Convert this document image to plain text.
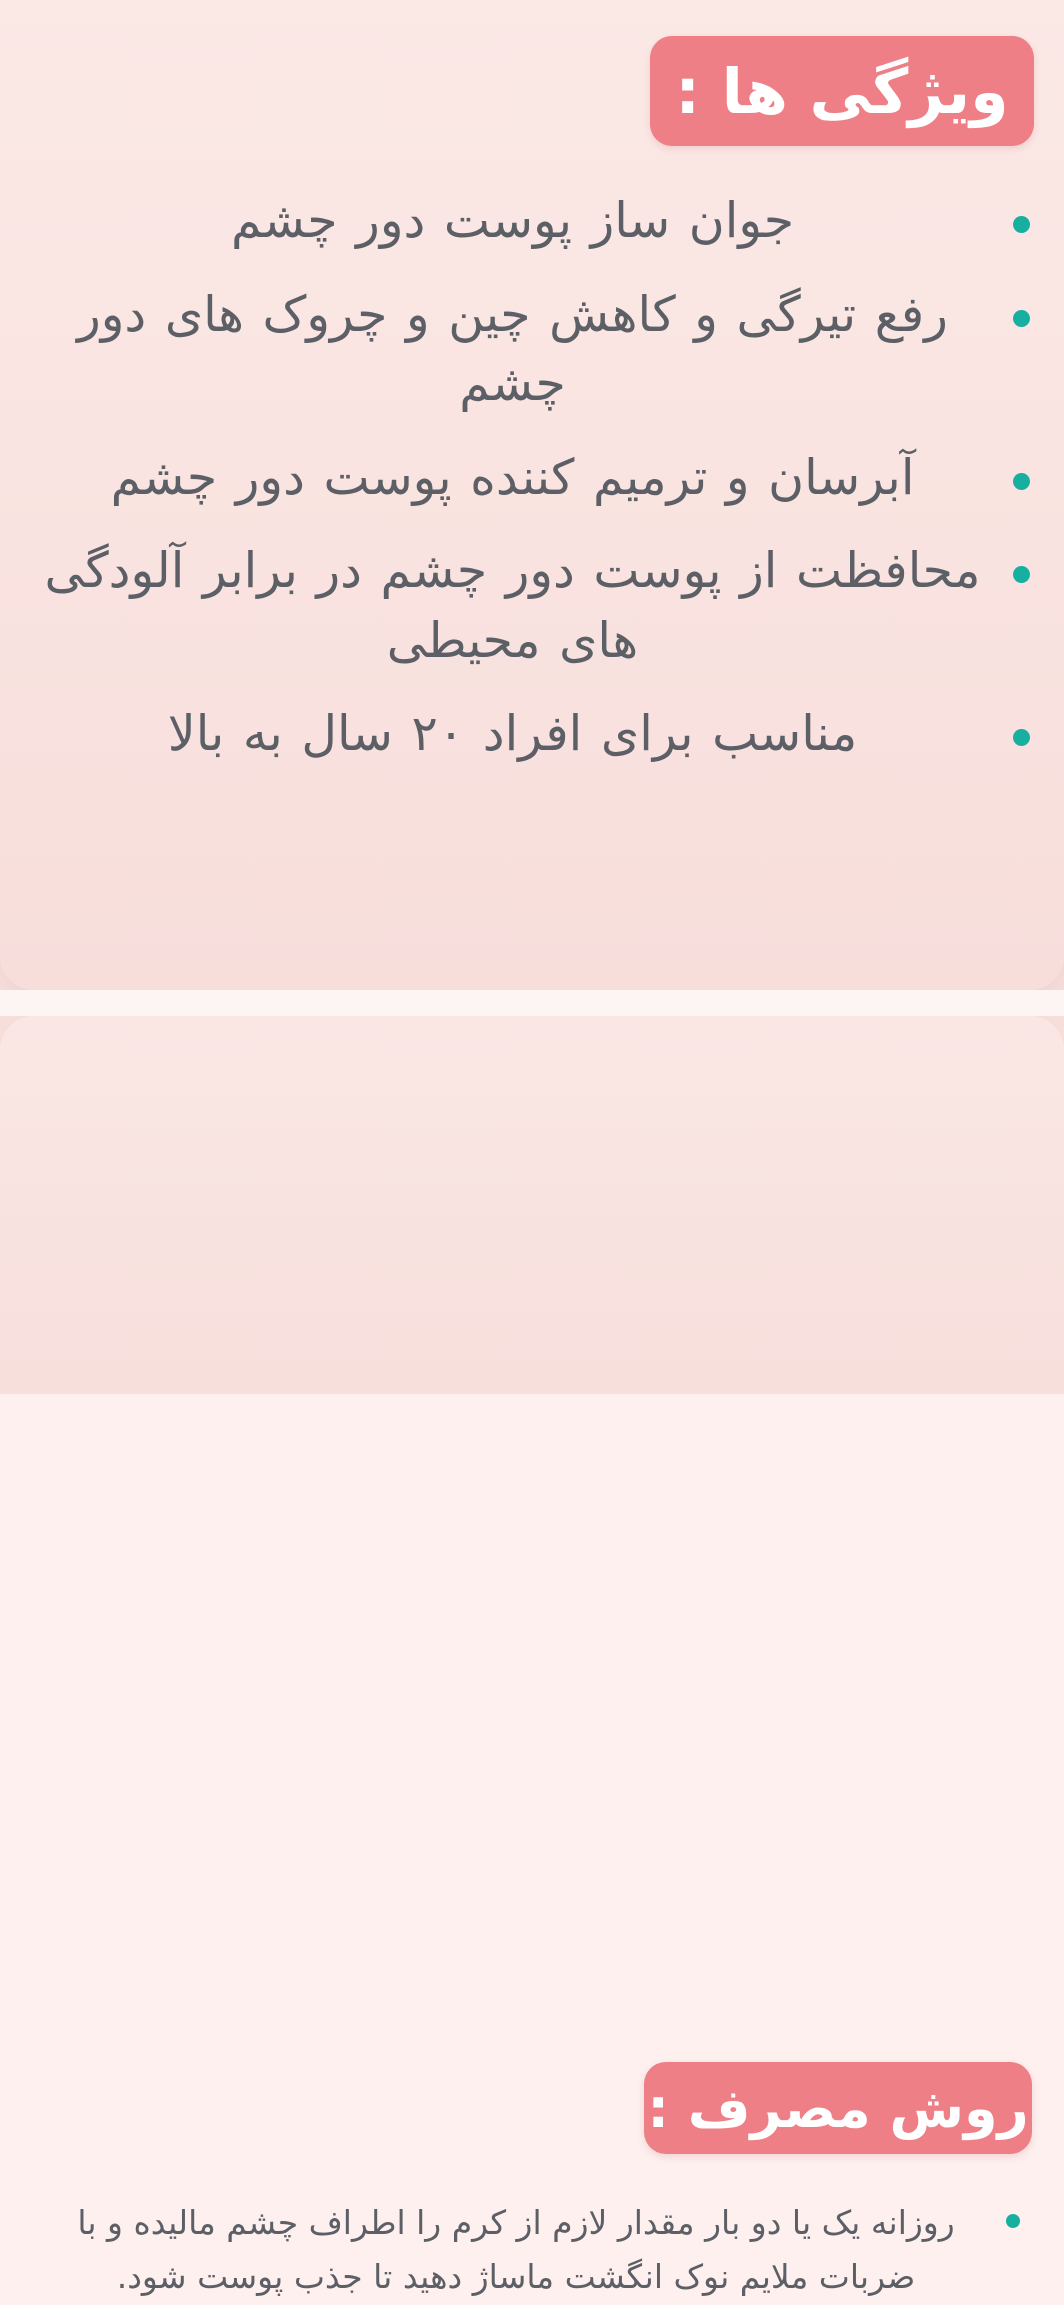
ویژگی ها :
جوان ساز پوست دور چشم
رفع تیرگی و کاهش چین و چروک های دور چشم
آبرسان و ترمیم کننده پوست دور چشم
محافظت از پوست دور چشم در برابر آلودگی های محیطی
مناسب برای افراد ۲۰ سال به بالا
روش مصرف :
روزانه یک یا دو بار مقدار لازم از کرم را اطراف چشم مالیده و با ضربات ملایم نوک انگشت ماساژ دهید تا جذب پوست شود.
